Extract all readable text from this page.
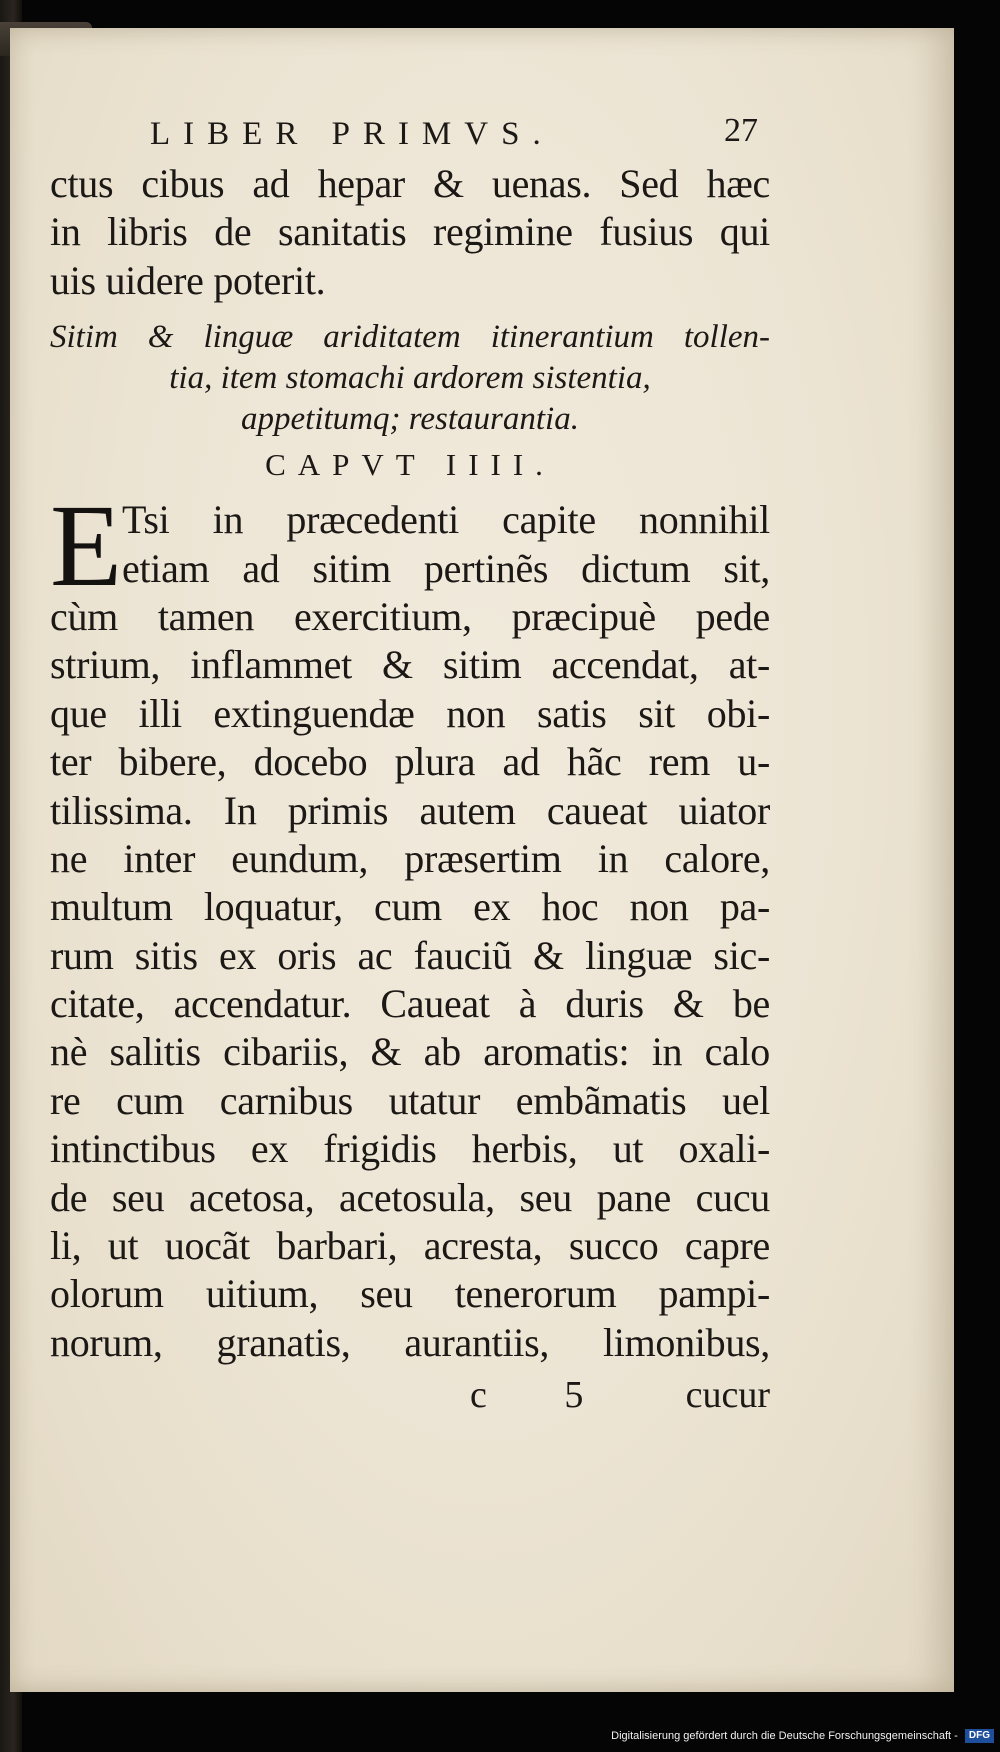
LIBER PRIMVS.	27
ctus cibus ad hepar & uenas. Sed hæc
in libris de sanitatis regimine fusius qui
uis uidere poterit.
Sitim & linguæ ariditatem itinerantium tollen-
tia, item stomachi ardorem sistentia,
appetitumq; restaurantia.
CAPVT IIII.
E Tsi in præcedenti capite nonnihil
etiam ad sitim pertinẽs dictum sit,
cùm tamen exercitium, præcipuè pede
strium, inflammet & sitim accendat, at-
que illi extinguendæ non satis sit obi-
ter bibere, docebo plura ad hãc rem u-
tilissima. In primis autem caueat uiator
ne inter eundum, præsertim in calore,
multum loquatur, cum ex hoc non pa-
rum sitis ex oris ac fauciũ & linguæ sic-
citate, accendatur. Caueat à duris & be
nè salitis cibariis, & ab aromatis: in calo
re cum carnibus utatur embãmatis uel
intinctibus ex frigidis herbis, ut oxali-
de seu acetosa, acetosula, seu pane cucu
li, ut uocãt barbari, acresta, succo capre
olorum uitium, seu tenerorum pampi-
norum, granatis, aurantiis, limonibus,
c 5 cucur
Digitalisierung gefördert durch die Deutsche Forschungsgemeinschaft - DFG
